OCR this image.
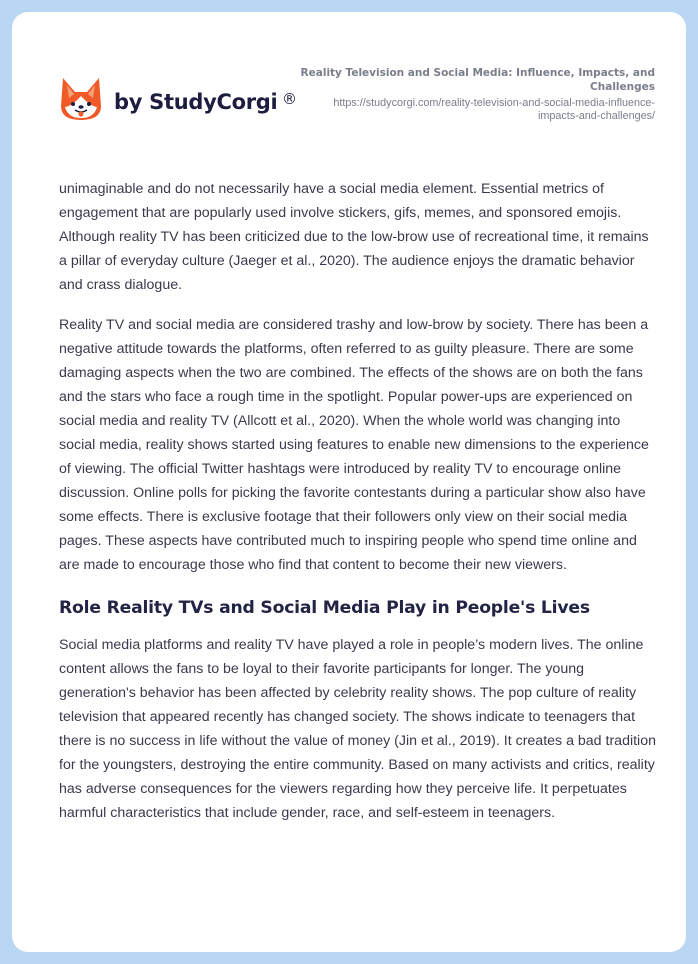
by StudyCorgi ®
Reality Television and Social Media: Influence, Impacts, and Challenges
https://studycorgi.com/reality-television-and-social-media-influence-impacts-and-challenges/

unimaginable and do not necessarily have a social media element. Essential metrics of engagement that are popularly used involve stickers, gifs, memes, and sponsored emojis. Although reality TV has been criticized due to the low-brow use of recreational time, it remains a pillar of everyday culture (Jaeger et al., 2020). The audience enjoys the dramatic behavior and crass dialogue.

Reality TV and social media are considered trashy and low-brow by society. There has been a negative attitude towards the platforms, often referred to as guilty pleasure. There are some damaging aspects when the two are combined. The effects of the shows are on both the fans and the stars who face a rough time in the spotlight. Popular power-ups are experienced on social media and reality TV (Allcott et al., 2020). When the whole world was changing into social media, reality shows started using features to enable new dimensions to the experience of viewing. The official Twitter hashtags were introduced by reality TV to encourage online discussion. Online polls for picking the favorite contestants during a particular show also have some effects. There is exclusive footage that their followers only view on their social media pages. These aspects have contributed much to inspiring people who spend time online and are made to encourage those who find that content to become their new viewers.

Role Reality TVs and Social Media Play in People's Lives

Social media platforms and reality TV have played a role in people’s modern lives. The online content allows the fans to be loyal to their favorite participants for longer. The young generation's behavior has been affected by celebrity reality shows. The pop culture of reality television that appeared recently has changed society. The shows indicate to teenagers that there is no success in life without the value of money (Jin et al., 2019). It creates a bad tradition for the youngsters, destroying the entire community. Based on many activists and critics, reality has adverse consequences for the viewers regarding how they perceive life. It perpetuates harmful characteristics that include gender, race, and self-esteem in teenagers.
